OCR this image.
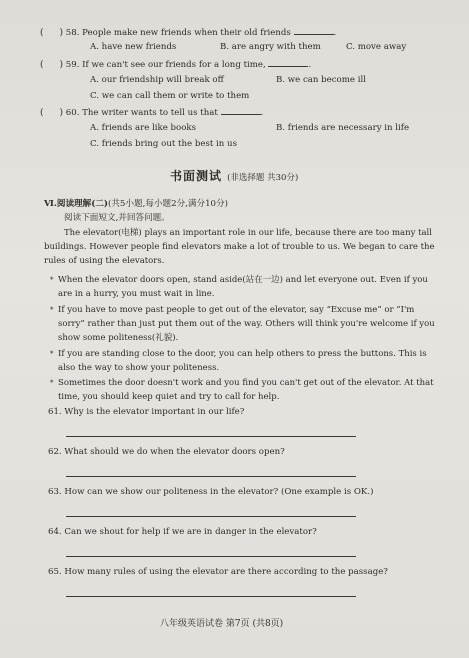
( ) 58. People make new friends when their old friends	.
A. have new friends	B. are angry with them	C. move away
( ) 59. If we can't see our friends for a long time,	.
A. our friendship will break off	B. we can become ill
C. we can call them or write to them
( ) 60. The writer wants to tell us that	.
A. friends are like books	B. friends are necessary in life
C. friends bring out the best in us
书面测试 (非选择题 共30分)
Ⅵ.阅读理解(二)(共5小题,每小题2分,满分10分)
阅读下面短文,并回答问题。
The elevator(电梯) plays an important role in our life, because there are too many tall buildings. However people find elevators make a lot of trouble to us. We began to care the rules of using the elevators.
* When the elevator doors open, stand aside(站在一边) and let everyone out. Even if you are in a hurry, you must wait in line.
* If you have to move past people to get out of the elevator, say “Excuse me” or “I'm sorry” rather than just put them out of the way. Others will think you're welcome if you show some politeness(礼貌).
* If you are standing close to the door, you can help others to press the buttons. This is also the way to show your politeness.
* Sometimes the door doesn't work and you find you can't get out of the elevator. At that time, you should keep quiet and try to call for help.
61. Why is the elevator important in our life?
62. What should we do when the elevator doors open?
63. How can we show our politeness in the elevator? (One example is OK.)
64. Can we shout for help if we are in danger in the elevator?
65. How many rules of using the elevator are there according to the passage?
八年级英语试卷 第7页 (共8页)
